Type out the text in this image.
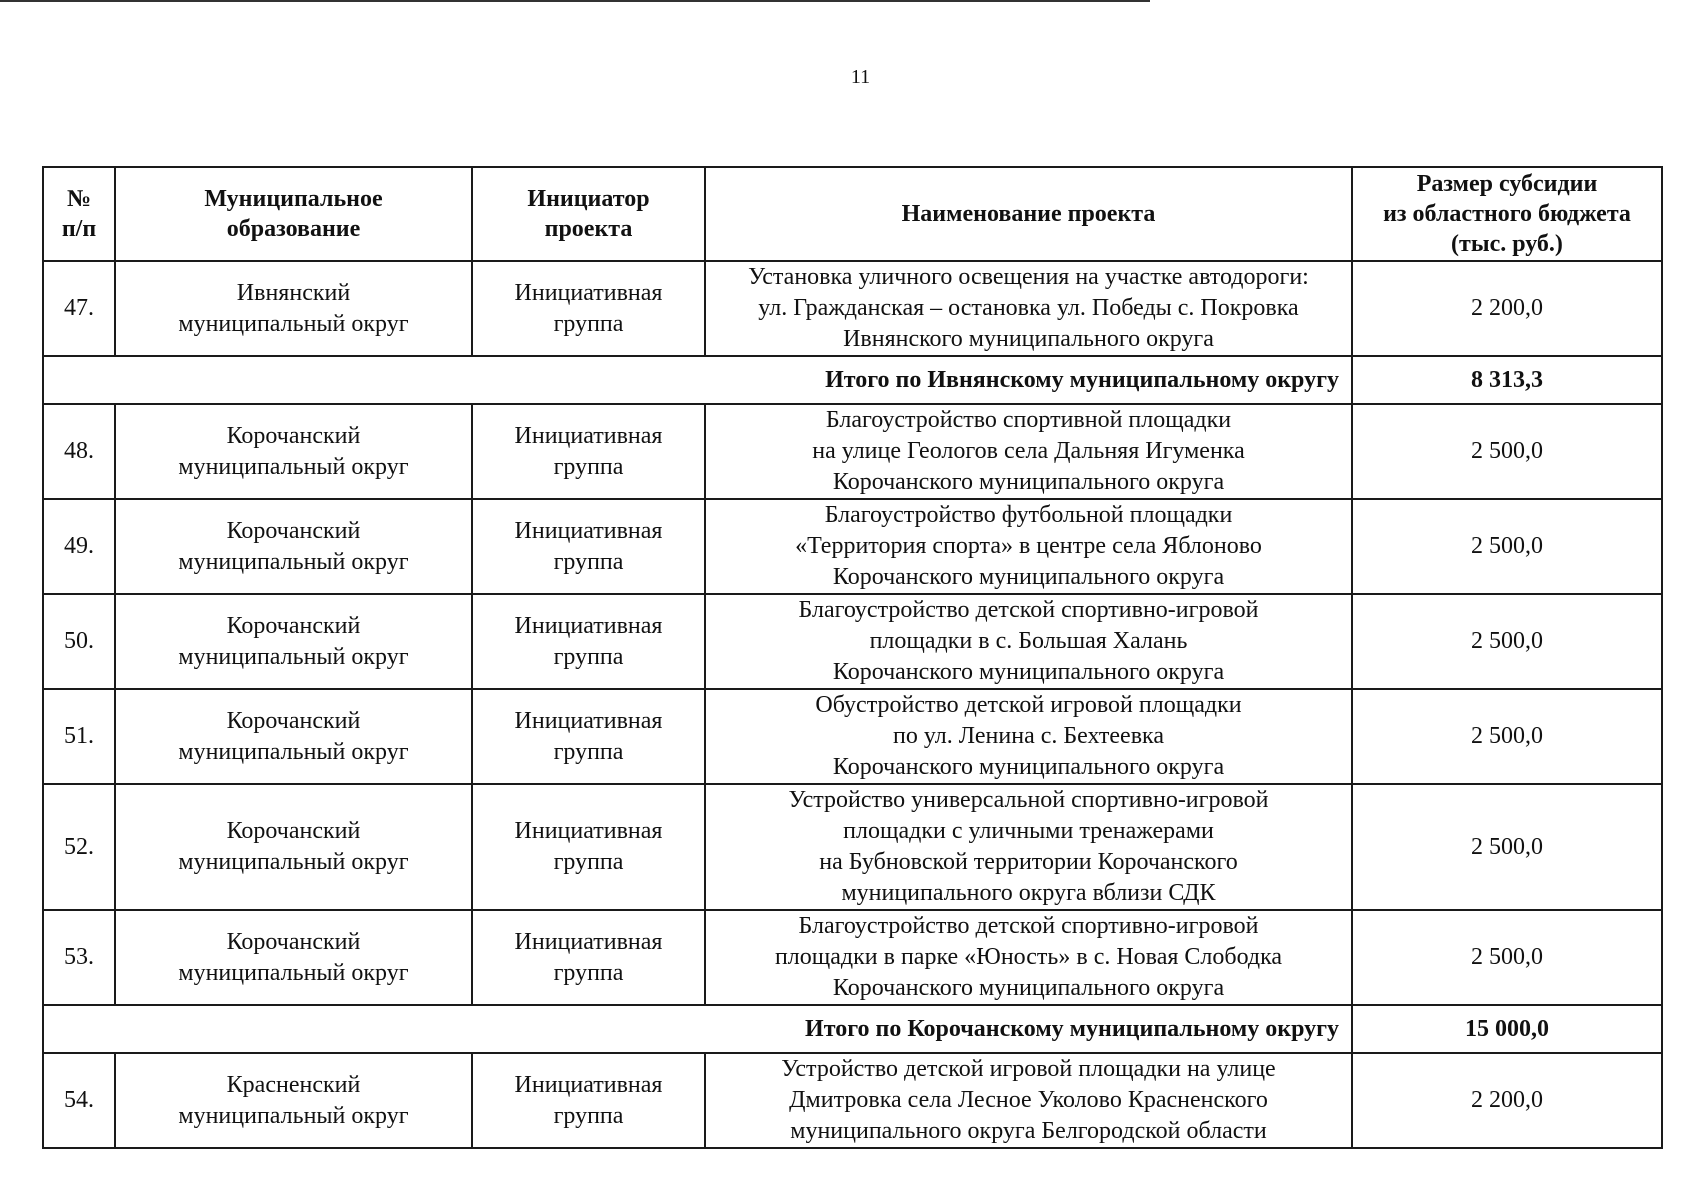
11
№
п/п	Муниципальное
образование	Инициатор
проекта	Наименование проекта	Размер субсидии
из областного бюджета
(тыс. руб.)

47.	Ивнянский
муниципальный округ	Инициативная
группа	Установка уличного освещения на участке автодороги:
ул. Гражданская – остановка ул. Победы с. Покровка
Ивнянского муниципального округа	2 200,0
Итого по Ивнянскому муниципальному округу				8 313,3
48.	Корочанский
муниципальный округ	Инициативная
группа	Благоустройство спортивной площадки
на улице Геологов села Дальняя Игуменка
Корочанского муниципального округа	2 500,0
49.	Корочанский
муниципальный округ	Инициативная
группа	Благоустройство футбольной площадки
«Территория спорта» в центре села Яблоново
Корочанского муниципального округа	2 500,0
50.	Корочанский
муниципальный округ	Инициативная
группа	Благоустройство детской спортивно-игровой
площадки в с. Большая Халань
Корочанского муниципального округа	2 500,0
51.	Корочанский
муниципальный округ	Инициативная
группа	Обустройство детской игровой площадки
по ул. Ленина с. Бехтеевка
Корочанского муниципального округа	2 500,0
52.	Корочанский
муниципальный округ	Инициативная
группа	Устройство универсальной спортивно-игровой
площадки с уличными тренажерами
на Бубновской территории Корочанского
муниципального округа вблизи СДК	2 500,0
53.	Корочанский
муниципальный округ	Инициативная
группа	Благоустройство детской спортивно-игровой
площадки в парке «Юность» в с. Новая Слободка
Корочанского муниципального округа	2 500,0
Итого по Корочанскому муниципальному округу				15 000,0
54.	Красненский
муниципальный округ	Инициативная
группа	Устройство детской игровой площадки на улице
Дмитровка села Лесное Уколово Красненского
муниципального округа Белгородской области	2 200,0
